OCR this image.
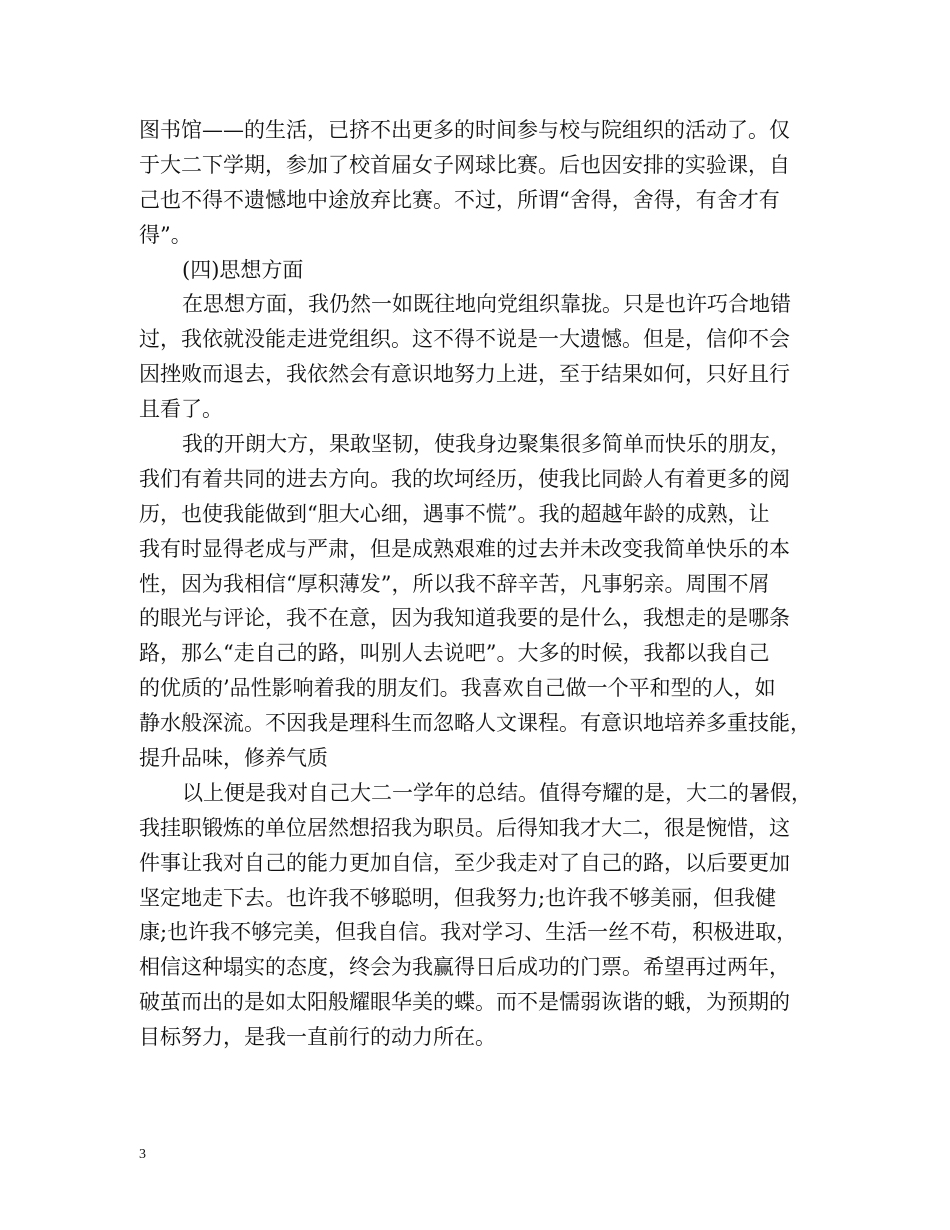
图书馆——的生活，已挤不出更多的时间参与校与院组织的活动了。仅
于大二下学期，参加了校首届女子网球比赛。后也因安排的实验课，自
己也不得不遗憾地中途放弃比赛。不过，所谓“舍得，舍得，有舍才有
得”。
(四)思想方面
在思想方面，我仍然一如既往地向党组织靠拢。只是也许巧合地错
过，我依就没能走进党组织。这不得不说是一大遗憾。但是，信仰不会
因挫败而退去，我依然会有意识地努力上进，至于结果如何，只好且行
且看了。
我的开朗大方，果敢坚韧，使我身边聚集很多简单而快乐的朋友，
我们有着共同的进去方向。我的坎坷经历，使我比同龄人有着更多的阅
历，也使我能做到“胆大心细，遇事不慌”。我的超越年龄的成熟，让
我有时显得老成与严肃，但是成熟艰难的过去并未改变我简单快乐的本
性，因为我相信“厚积薄发”，所以我不辞辛苦，凡事躬亲。周围不屑
的眼光与评论，我不在意，因为我知道我要的是什么，我想走的是哪条
路，那么“走自己的路，叫别人去说吧”。大多的时候，我都以我自己
的优质的’品性影响着我的朋友们。我喜欢自己做一个平和型的人，如
静水般深流。不因我是理科生而忽略人文课程。有意识地培养多重技能，
提升品味，修养气质
以上便是我对自己大二一学年的总结。值得夸耀的是，大二的暑假，
我挂职锻炼的单位居然想招我为职员。后得知我才大二，很是惋惜，这
件事让我对自己的能力更加自信，至少我走对了自己的路，以后要更加
坚定地走下去。也许我不够聪明，但我努力;也许我不够美丽，但我健
康;也许我不够完美，但我自信。我对学习、生活一丝不苟，积极进取，
相信这种塌实的态度，终会为我赢得日后成功的门票。希望再过两年，
破茧而出的是如太阳般耀眼华美的蝶。而不是懦弱诙谐的蛾，为预期的
目标努力，是我一直前行的动力所在。
3
